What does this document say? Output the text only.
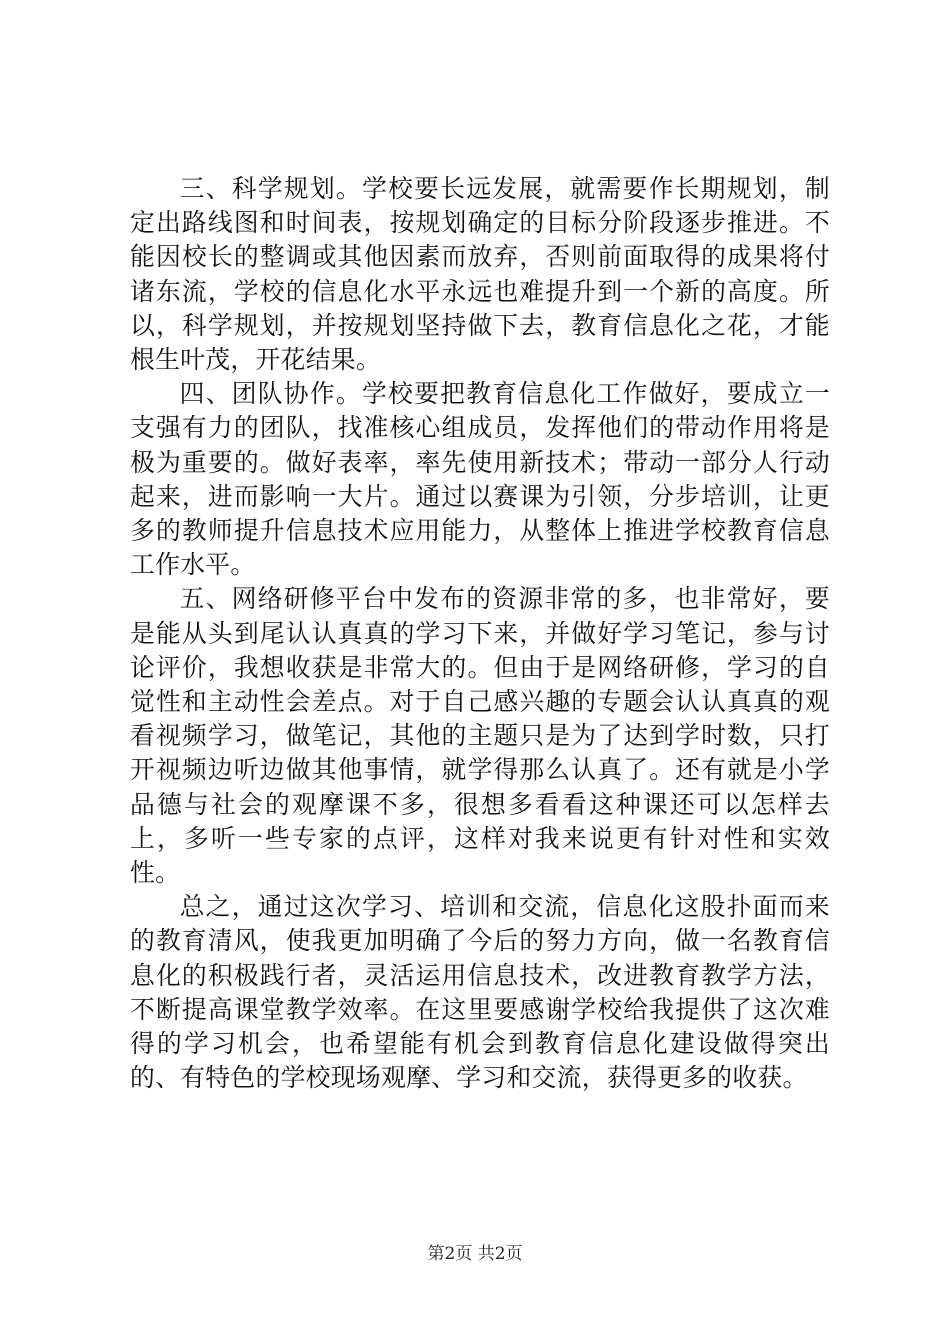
三、科学规划。学校要长远发展，就需要作长期规划，制定出路线图和时间表，按规划确定的目标分阶段逐步推进。不能因校长的整调或其他因素而放弃，否则前面取得的成果将付诸东流，学校的信息化水平永远也难提升到一个新的高度。所以，科学规划，并按规划坚持做下去，教育信息化之花，才能根生叶茂，开花结果。

四、团队协作。学校要把教育信息化工作做好，要成立一支强有力的团队，找准核心组成员，发挥他们的带动作用将是极为重要的。做好表率，率先使用新技术；带动一部分人行动起来，进而影响一大片。通过以赛课为引领，分步培训，让更多的教师提升信息技术应用能力，从整体上推进学校教育信息工作水平。

五、网络研修平台中发布的资源非常的多，也非常好，要是能从头到尾认认真真的学习下来，并做好学习笔记，参与讨论评价，我想收获是非常大的。但由于是网络研修，学习的自觉性和主动性会差点。对于自己感兴趣的专题会认认真真的观看视频学习，做笔记，其他的主题只是为了达到学时数，只打开视频边听边做其他事情，就学得那么认真了。还有就是小学品德与社会的观摩课不多，很想多看看这种课还可以怎样去上，多听一些专家的点评，这样对我来说更有针对性和实效性。

总之，通过这次学习、培训和交流，信息化这股扑面而来的教育清风，使我更加明确了今后的努力方向，做一名教育信息化的积极践行者，灵活运用信息技术，改进教育教学方法，不断提高课堂教学效率。在这里要感谢学校给我提供了这次难得的学习机会，也希望能有机会到教育信息化建设做得突出的、有特色的学校现场观摩、学习和交流，获得更多的收获。

第2页 共2页
